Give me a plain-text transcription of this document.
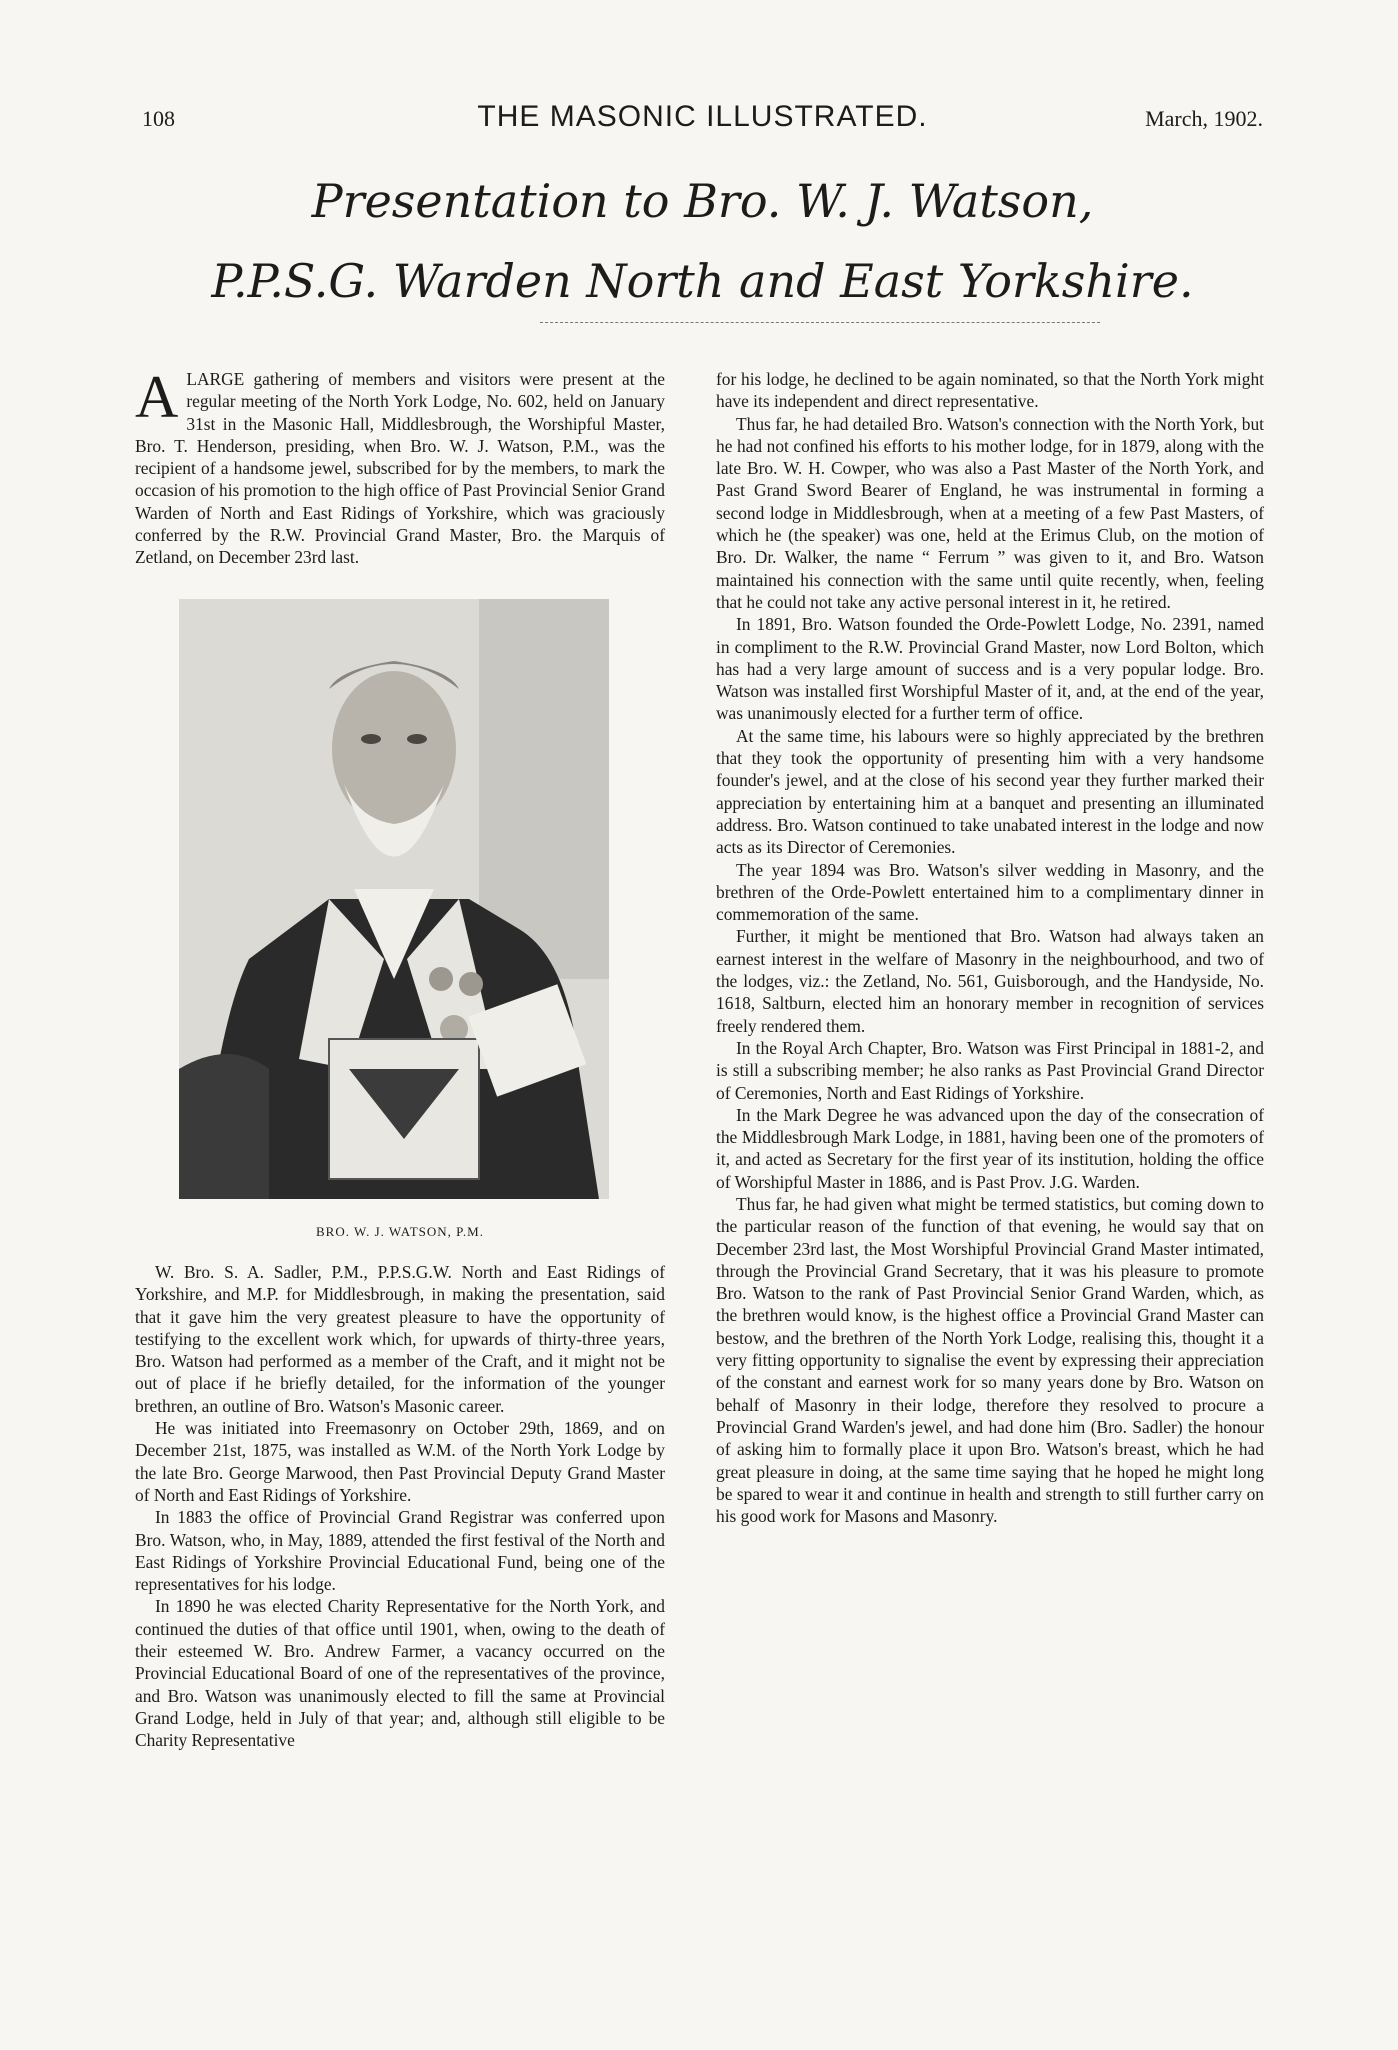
108	THE MASONIC ILLUSTRATED.	March, 1902.
Presentation to Bro. W. J. Watson,
P.P.S.G. Warden North and East Yorkshire.

ALARGE gathering of members and visitors were present at the regular meeting of the North York Lodge, No. 602, held on January 31st in the Masonic Hall, Middlesbrough, the Worshipful Master, Bro. T. Henderson, presiding, when Bro. W. J. Watson, P.M., was the recipient of a handsome jewel, subscribed for by the members, to mark the occasion of his promotion to the high office of Past Provincial Senior Grand Warden of North and East Ridings of Yorkshire, which was graciously conferred by the R.W. Provincial Grand Master, Bro. the Marquis of Zetland, on December 23rd last.

BRO. W. J. WATSON, P.M.

W. Bro. S. A. Sadler, P.M., P.P.S.G.W. North and East Ridings of Yorkshire, and M.P. for Middlesbrough, in making the presentation, said that it gave him the very greatest pleasure to have the opportunity of testifying to the excellent work which, for upwards of thirty-three years, Bro. Watson had performed as a member of the Craft, and it might not be out of place if he briefly detailed, for the information of the younger brethren, an outline of Bro. Watson's Masonic career.

He was initiated into Freemasonry on October 29th, 1869, and on December 21st, 1875, was installed as W.M. of the North York Lodge by the late Bro. George Marwood, then Past Provincial Deputy Grand Master of North and East Ridings of Yorkshire.

In 1883 the office of Provincial Grand Registrar was conferred upon Bro. Watson, who, in May, 1889, attended the first festival of the North and East Ridings of Yorkshire Provincial Educational Fund, being one of the representatives for his lodge.

In 1890 he was elected Charity Representative for the North York, and continued the duties of that office until 1901, when, owing to the death of their esteemed W. Bro. Andrew Farmer, a vacancy occurred on the Provincial Educational Board of one of the representatives of the province, and Bro. Watson was unanimously elected to fill the same at Provincial Grand Lodge, held in July of that year; and, although still eligible to be Charity Representative

for his lodge, he declined to be again nominated, so that the North York might have its independent and direct representative.

Thus far, he had detailed Bro. Watson's connection with the North York, but he had not confined his efforts to his mother lodge, for in 1879, along with the late Bro. W. H. Cowper, who was also a Past Master of the North York, and Past Grand Sword Bearer of England, he was instrumental in forming a second lodge in Middlesbrough, when at a meeting of a few Past Masters, of which he (the speaker) was one, held at the Erimus Club, on the motion of Bro. Dr. Walker, the name “ Ferrum ” was given to it, and Bro. Watson maintained his connection with the same until quite recently, when, feeling that he could not take any active personal interest in it, he retired.

In 1891, Bro. Watson founded the Orde-Powlett Lodge, No. 2391, named in compliment to the R.W. Provincial Grand Master, now Lord Bolton, which has had a very large amount of success and is a very popular lodge. Bro. Watson was installed first Worshipful Master of it, and, at the end of the year, was unanimously elected for a further term of office.

At the same time, his labours were so highly appreciated by the brethren that they took the opportunity of presenting him with a very handsome founder's jewel, and at the close of his second year they further marked their appreciation by entertaining him at a banquet and presenting an illuminated address. Bro. Watson continued to take unabated interest in the lodge and now acts as its Director of Ceremonies.

The year 1894 was Bro. Watson's silver wedding in Masonry, and the brethren of the Orde-Powlett entertained him to a complimentary dinner in commemoration of the same.

Further, it might be mentioned that Bro. Watson had always taken an earnest interest in the welfare of Masonry in the neighbourhood, and two of the lodges, viz.: the Zetland, No. 561, Guisborough, and the Handyside, No. 1618, Saltburn, elected him an honorary member in recognition of services freely rendered them.

In the Royal Arch Chapter, Bro. Watson was First Principal in 1881-2, and is still a subscribing member; he also ranks as Past Provincial Grand Director of Ceremonies, North and East Ridings of Yorkshire.

In the Mark Degree he was advanced upon the day of the consecration of the Middlesbrough Mark Lodge, in 1881, having been one of the promoters of it, and acted as Secretary for the first year of its institution, holding the office of Worshipful Master in 1886, and is Past Prov. J.G. Warden.

Thus far, he had given what might be termed statistics, but coming down to the particular reason of the function of that evening, he would say that on December 23rd last, the Most Worshipful Provincial Grand Master intimated, through the Provincial Grand Secretary, that it was his pleasure to promote Bro. Watson to the rank of Past Provincial Senior Grand Warden, which, as the brethren would know, is the highest office a Provincial Grand Master can bestow, and the brethren of the North York Lodge, realising this, thought it a very fitting opportunity to signalise the event by expressing their appreciation of the constant and earnest work for so many years done by Bro. Watson on behalf of Masonry in their lodge, therefore they resolved to procure a Provincial Grand Warden's jewel, and had done him (Bro. Sadler) the honour of asking him to formally place it upon Bro. Watson's breast, which he had great pleasure in doing, at the same time saying that he hoped he might long be spared to wear it and continue in health and strength to still further carry on his good work for Masons and Masonry.
